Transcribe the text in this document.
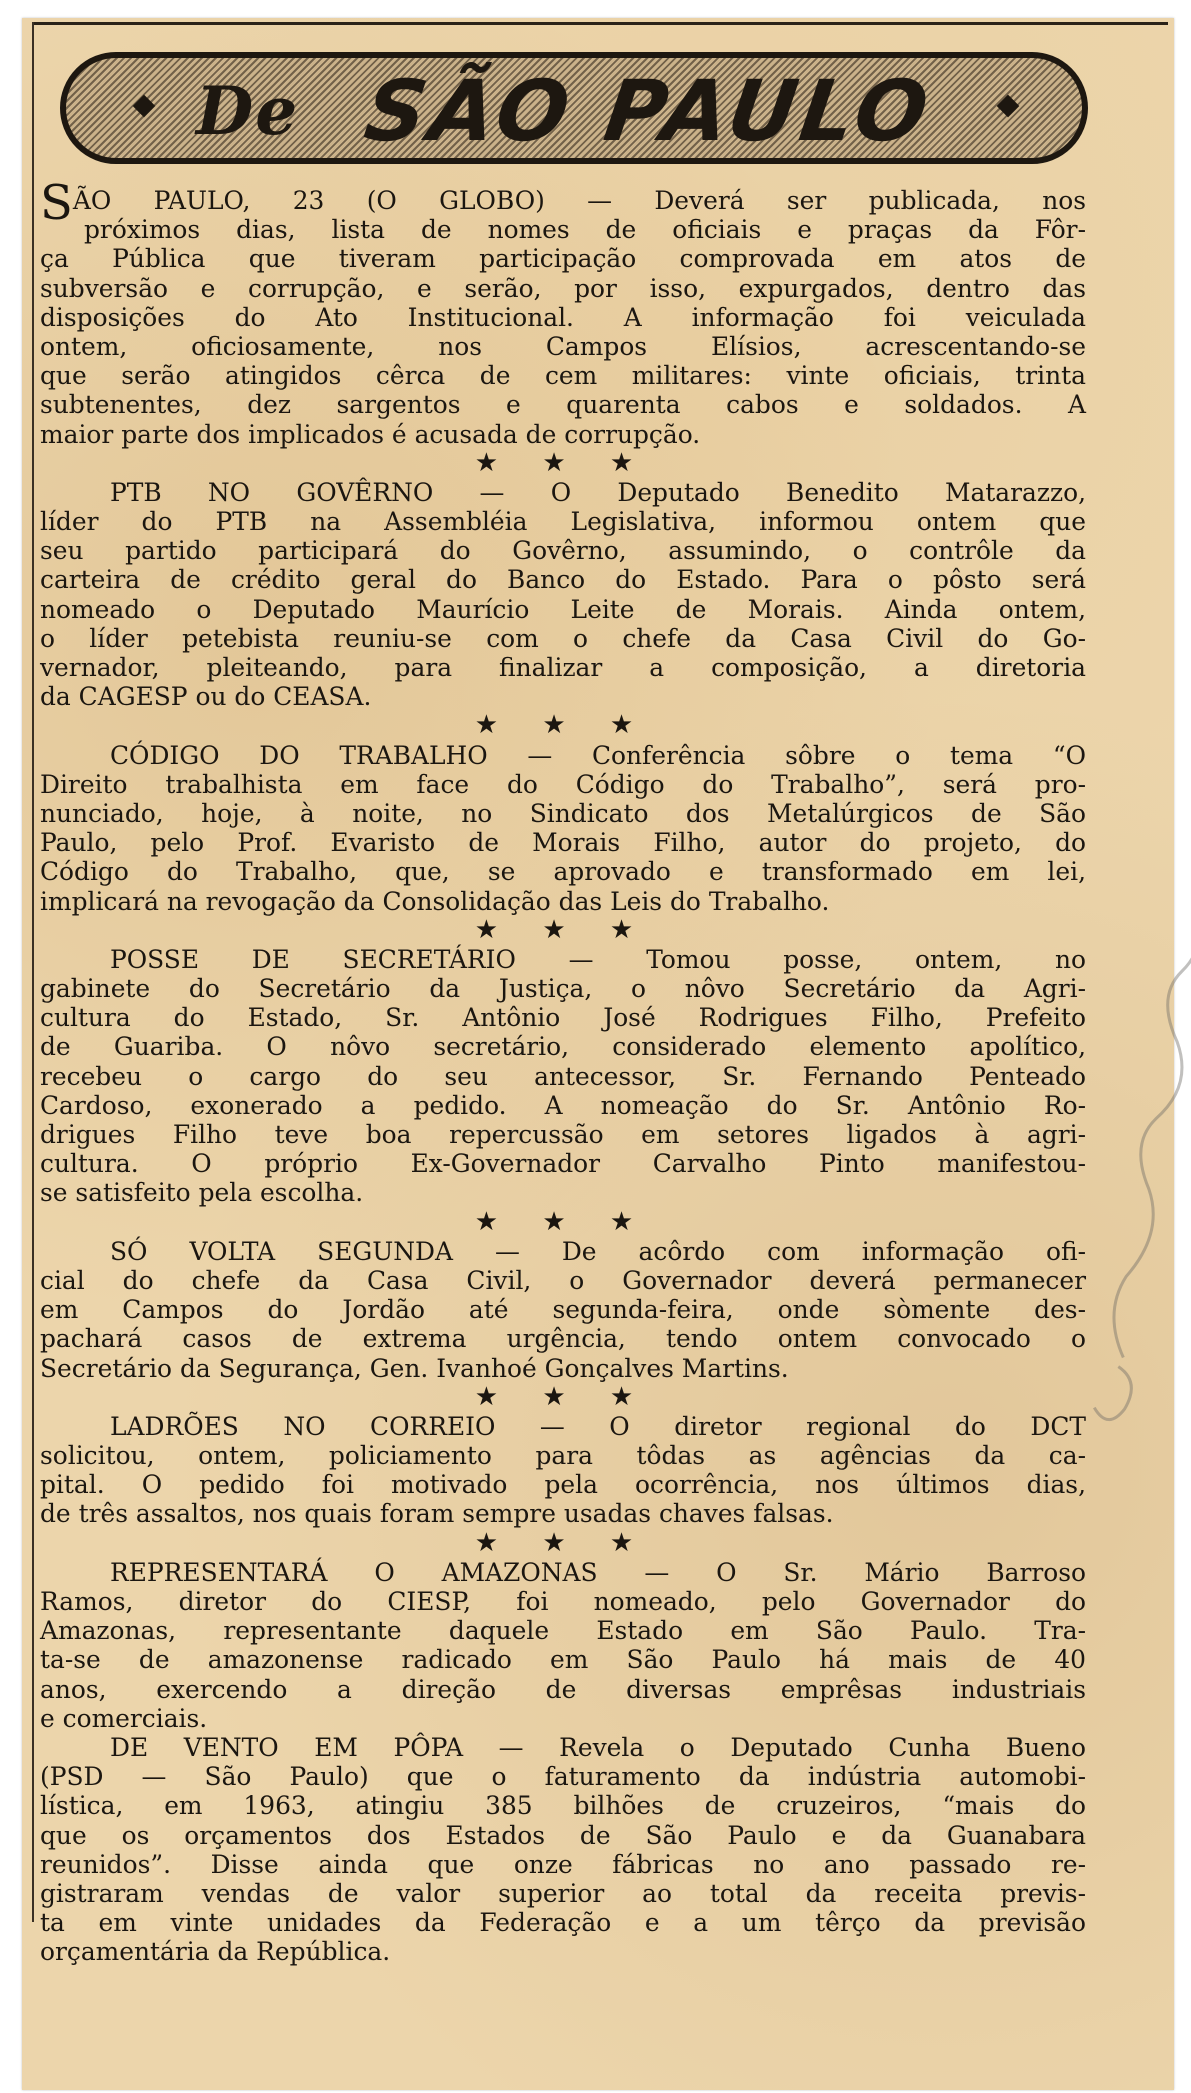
De SÃO PAULO
SÃO PAULO, 23 (O GLOBO) — Deverá ser publicada, nos
próximos dias, lista de nomes de oficiais e praças da Fôr-
ça Pública que tiveram participação comprovada em atos de
subversão e corrupção, e serão, por isso, expurgados, dentro das
disposições do Ato Institucional. A informação foi veiculada
ontem, oficiosamente, nos Campos Elísios, acrescentando-se
que serão atingidos cêrca de cem militares: vinte oficiais, trinta
subtenentes, dez sargentos e quarenta cabos e soldados. A
maior parte dos implicados é acusada de corrupção.
★ ★ ★
PTB NO GOVÊRNO — O Deputado Benedito Matarazzo,
líder do PTB na Assembléia Legislativa, informou ontem que
seu partido participará do Govêrno, assumindo, o contrôle da
carteira de crédito geral do Banco do Estado. Para o pôsto será
nomeado o Deputado Maurício Leite de Morais. Ainda ontem,
o líder petebista reuniu-se com o chefe da Casa Civil do Go-
vernador, pleiteando, para finalizar a composição, a diretoria
da CAGESP ou do CEASA.
★ ★ ★
CÓDIGO DO TRABALHO — Conferência sôbre o tema “O
Direito trabalhista em face do Código do Trabalho”, será pro-
nunciado, hoje, à noite, no Sindicato dos Metalúrgicos de São
Paulo, pelo Prof. Evaristo de Morais Filho, autor do projeto, do
Código do Trabalho, que, se aprovado e transformado em lei,
implicará na revogação da Consolidação das Leis do Trabalho.
★ ★ ★
POSSE DE SECRETÁRIO — Tomou posse, ontem, no
gabinete do Secretário da Justiça, o nôvo Secretário da Agri-
cultura do Estado, Sr. Antônio José Rodrigues Filho, Prefeito
de Guariba. O nôvo secretário, considerado elemento apolítico,
recebeu o cargo do seu antecessor, Sr. Fernando Penteado
Cardoso, exonerado a pedido. A nomeação do Sr. Antônio Ro-
drigues Filho teve boa repercussão em setores ligados à agri-
cultura. O próprio Ex-Governador Carvalho Pinto manifestou-
se satisfeito pela escolha.
★ ★ ★
SÓ VOLTA SEGUNDA — De acôrdo com informação ofi-
cial do chefe da Casa Civil, o Governador deverá permanecer
em Campos do Jordão até segunda-feira, onde sòmente des-
pachará casos de extrema urgência, tendo ontem convocado o
Secretário da Segurança, Gen. Ivanhoé Gonçalves Martins.
★ ★ ★
LADRÕES NO CORREIO — O diretor regional do DCT
solicitou, ontem, policiamento para tôdas as agências da ca-
pital. O pedido foi motivado pela ocorrência, nos últimos dias,
de três assaltos, nos quais foram sempre usadas chaves falsas.
★ ★ ★
REPRESENTARÁ O AMAZONAS — O Sr. Mário Barroso
Ramos, diretor do CIESP, foi nomeado, pelo Governador do
Amazonas, representante daquele Estado em São Paulo. Tra-
ta-se de amazonense radicado em São Paulo há mais de 40
anos, exercendo a direção de diversas emprêsas industriais
e comerciais.
DE VENTO EM PÔPA — Revela o Deputado Cunha Bueno
(PSD — São Paulo) que o faturamento da indústria automobi-
lística, em 1963, atingiu 385 bilhões de cruzeiros, “mais do
que os orçamentos dos Estados de São Paulo e da Guanabara
reunidos”. Disse ainda que onze fábricas no ano passado re-
gistraram vendas de valor superior ao total da receita previs-
ta em vinte unidades da Federação e a um têrço da previsão
orçamentária da República.
